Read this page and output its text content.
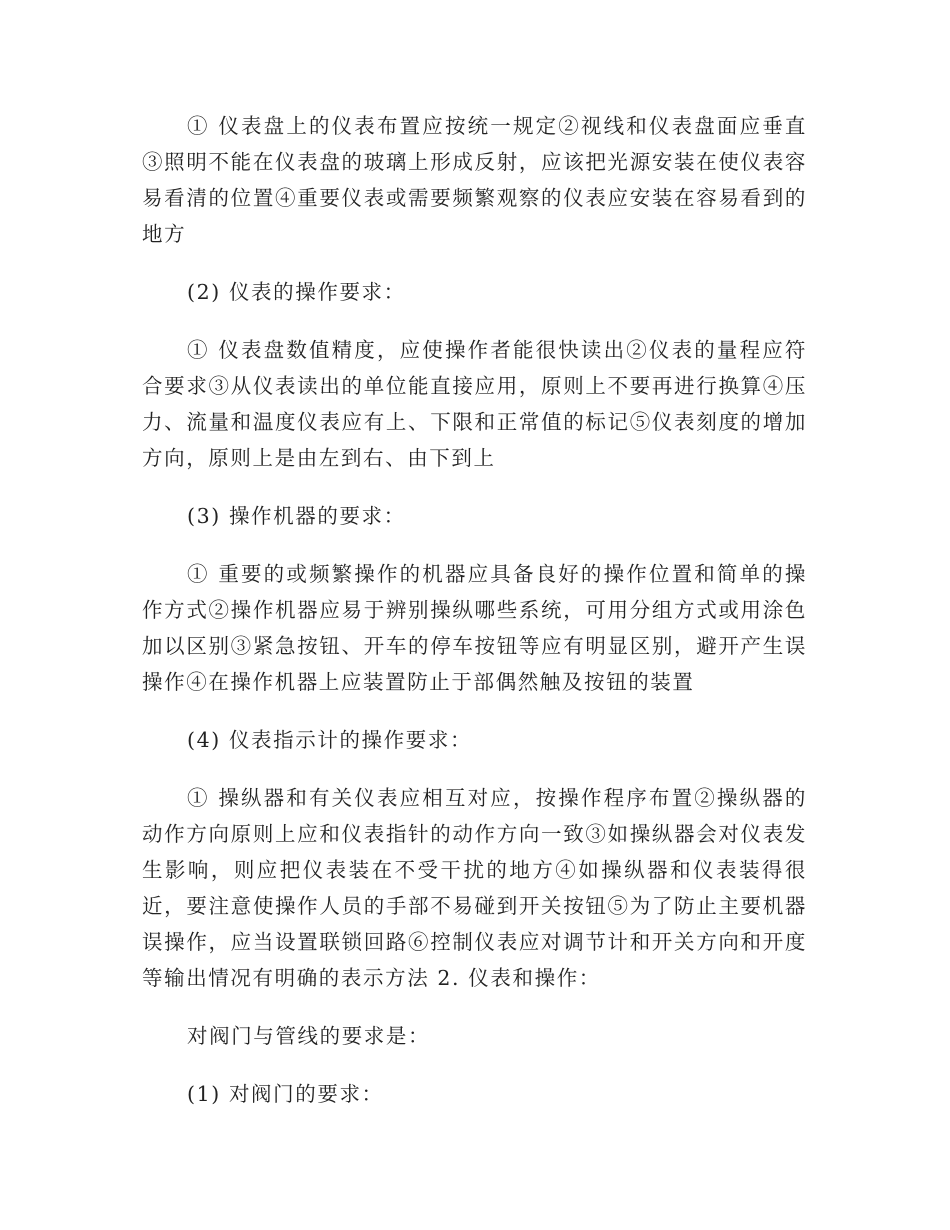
① 仪表盘上的仪表布置应按统一规定②视线和仪表盘面应垂直③照明不能在仪表盘的玻璃上形成反射，应该把光源安装在使仪表容易看清的位置④重要仪表或需要频繁观察的仪表应安装在容易看到的地方

(2) 仪表的操作要求：

① 仪表盘数值精度，应使操作者能很快读出②仪表的量程应符合要求③从仪表读出的单位能直接应用，原则上不要再进行换算④压力、流量和温度仪表应有上、下限和正常值的标记⑤仪表刻度的增加方向，原则上是由左到右、由下到上

(3) 操作机器的要求：

① 重要的或频繁操作的机器应具备良好的操作位置和简单的操作方式②操作机器应易于辨别操纵哪些系统，可用分组方式或用涂色加以区别③紧急按钮、开车的停车按钮等应有明显区别，避开产生误操作④在操作机器上应装置防止于部偶然触及按钮的装置

(4) 仪表指示计的操作要求：

① 操纵器和有关仪表应相互对应，按操作程序布置②操纵器的动作方向原则上应和仪表指针的动作方向一致③如操纵器会对仪表发生影响，则应把仪表装在不受干扰的地方④如操纵器和仪表装得很近，要注意使操作人员的手部不易碰到开关按钮⑤为了防止主要机器误操作，应当设置联锁回路⑥控制仪表应对调节计和开关方向和开度等输出情况有明确的表示方法 2. 仪表和操作：

对阀门与管线的要求是：

(1) 对阀门的要求：
